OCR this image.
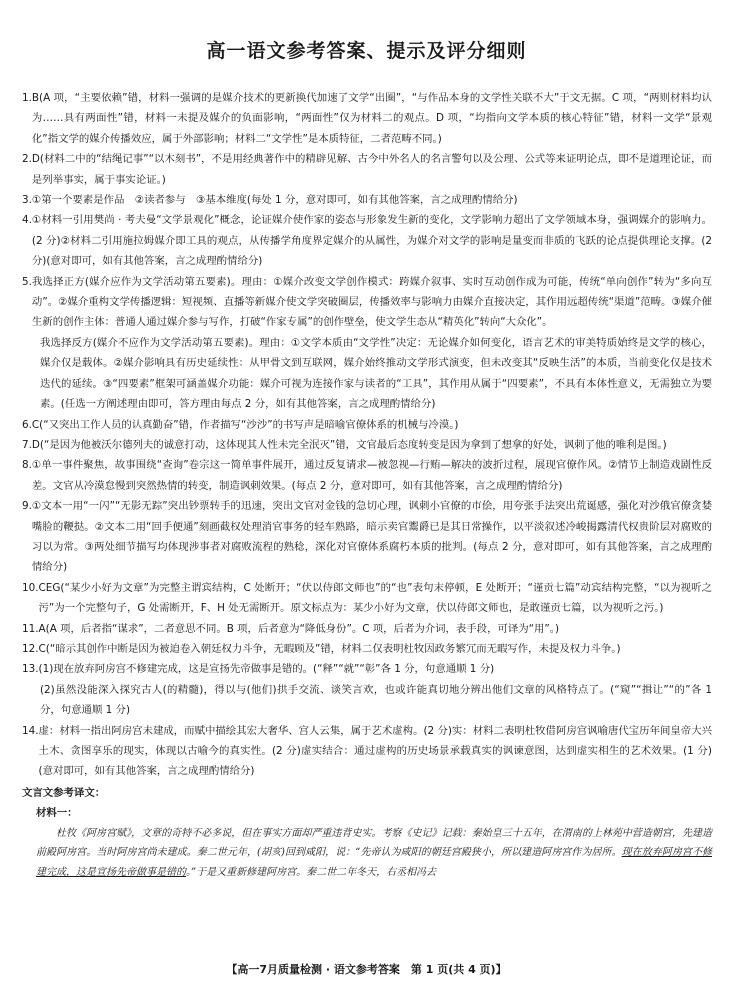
高一语文参考答案、提示及评分细则
1. B(A 项，“主要依赖”错，材料一强调的是媒介技术的更新换代加速了文学“出圈”，“与作品本身的文学性关联不大”于文无据。C 项，“两则材料均认为……具有两面性”错，材料一未提及媒介的负面影响，“两面性”仅为材料二的观点。D 项，“均指向文学本质的核心特征”错，材料一文学“景观化”指文学的媒介传播效应，属于外部影响；材料二“文学性”是本质特征，二者范畴不同。)
2. D(材料二中的“结绳记事”“以木刻书”，不是用经典著作中的精辟见解、古今中外名人的名言警句以及公理、公式等来证明论点，即不是道理论证，而是列举事实，属于事实论证。)
3. ①第一个要素是作品　②读者参与　③基本维度(每处 1 分，意对即可，如有其他答案，言之成理酌情给分)
4. ①材料一引用樊尚 · 考夫曼“文学景观化”概念，论证媒介使作家的姿态与形象发生新的变化，文学影响力超出了文学领域本身，强调媒介的影响力。(2 分)②材料二引用施拉姆媒介即工具的观点，从传播学角度界定媒介的从属性，为媒介对文学的影响是量变而非质的飞跃的论点提供理论支撑。(2 分)(意对即可，如有其他答案，言之成理酌情给分)
5. 我选择正方(媒介应作为文学活动第五要素)。理由：①媒介改变文学创作模式：跨媒介叙事、实时互动创作成为可能，传统“单向创作”转为“多向互动”。②媒介重构文学传播逻辑：短视频、直播等新媒介使文学突破圈层，传播效率与影响力由媒介直接决定，其作用远超传统“渠道”范畴。③媒介催生新的创作主体：普通人通过媒介参与写作，打破“作家专属”的创作壁垒，使文学生态从“精英化”转向“大众化”。
我选择反方(媒介不应作为文学活动第五要素)。理由：①文学本质由“文学性”决定：无论媒介如何变化，语言艺术的审美特质始终是文学的核心，媒介仅是载体。②媒介影响具有历史延续性：从甲骨文到互联网，媒介始终推动文学形式演变，但未改变其“反映生活”的本质，当前变化仅是技术迭代的延续。③“四要素”框架可涵盖媒介功能：媒介可视为连接作家与读者的“工具”，其作用从属于“四要素”，不具有本体性意义，无需独立为要素。(任选一方阐述理由即可，答方理由每点 2 分，如有其他答案，言之成理酌情给分)
6. C(“又突出工作人员的认真勤奋”错，作者描写“沙沙”的书写声是暗喻官僚体系的机械与冷漠。)
7. D(“是因为他被沃尔德列夫的诚意打动，这体现其人性未完全泯灭”错，文官最后态度转变是因为拿到了想拿的好处，讽刺了他的唯利是图。)
8. ①单一事件聚焦，故事围绕“查询”卷宗这一简单事件展开，通过反复请求—被忽视—行贿—解决的波折过程，展现官僚作风。②情节上制造戏剧性反差。文官从冷漠怠慢到突然热情的转变，制造讽刺效果。(每点 2 分，意对即可，如有其他答案，言之成理酌情给分)
9. ①文本一用“一闪”“无影无踪”突出钞票转手的迅速，突出文官对金钱的急切心理，讽刺小官僚的市侩，用夸张手法突出荒诞感，强化对沙俄官僚贪婪嘴脸的鞭挞。②文本二用“回手便通”刻画截权处理消官事务的轻车熟路，暗示卖官鬻爵已是其日常操作，以平淡叙述冷峻揭露清代权贵阶层对腐败的习以为常。③两处细节描写均体现涉事者对腐败流程的熟稔，深化对官僚体系腐朽本质的批判。(每点 2 分，意对即可，如有其他答案，言之成理酌情给分)
10. CEG(“某少小好为文章”为完整主谓宾结构，C 处断开；“伏以侍郎文师也”的“也”表句末停顿，E 处断开；“谨贡七篇”动宾结构完整，“以为视听之污”为一个完整句子，G 处需断开，F、H 处无需断开。原文标点为：某少小好为文章，伏以侍郎文师也，是敢谨贡七篇，以为视听之污。)
11. A(A 项，后者指“谋求”，二者意思不同。B 项，后者意为“降低身份”。C 项，后者为介词，表手段，可译为“用”。)
12. C(“暗示其创作中断是因为被迫卷入朝廷权力斗争，无暇顾及”错，材料二仅表明杜牧因政务繁冗而无暇写作，未提及权力斗争。)
13. (1)现在放弃阿房宫不修建完成，这是宣扬先帝做事是错的。(“释”“就”“彰”各 1 分，句意通顺 1 分)
(2)虽然没能深入探究古人(的精髓)，得以与(他们)拱手交流、谈笑言欢，也或许能真切地分辨出他们文章的风格特点了。(“窥”“揖让”“的”各 1 分，句意通顺 1 分)
14. 虚：材料一指出阿房宫未建成，而赋中描绘其宏大奢华、宫人云集，属于艺术虚构。(2 分)实：材料二表明杜牧借阿房宫讽喻唐代宝历年间皇帝大兴土木、贪图享乐的现实，体现以古喻今的真实性。(2 分)虚实结合：通过虚构的历史场景承载真实的讽谏意图，达到虚实相生的艺术效果。(1 分)(意对即可，如有其他答案，言之成理酌情给分)
文言文参考译文：
材料一：
杜牧《阿房宫赋》，文章的奇特不必多说，但在事实方面却严重违背史实。考察《史记》记载：秦始皇三十五年，在渭南的上林苑中营造朝宫，先建造前殿阿房宫。当时阿房宫尚未建成。秦二世元年，(胡亥)回到咸阳，说：“先帝认为咸阳的朝廷宫殿狭小，所以建造阿房宫作为居所。现在放弃阿房宫不修建完成，这是宣扬先帝做事是错的。”于是又重新修建阿房宫。秦二世二年冬天，右丞相冯去
【高一7月质量检测 · 语文参考答案　第 1 页(共 4 页)】
